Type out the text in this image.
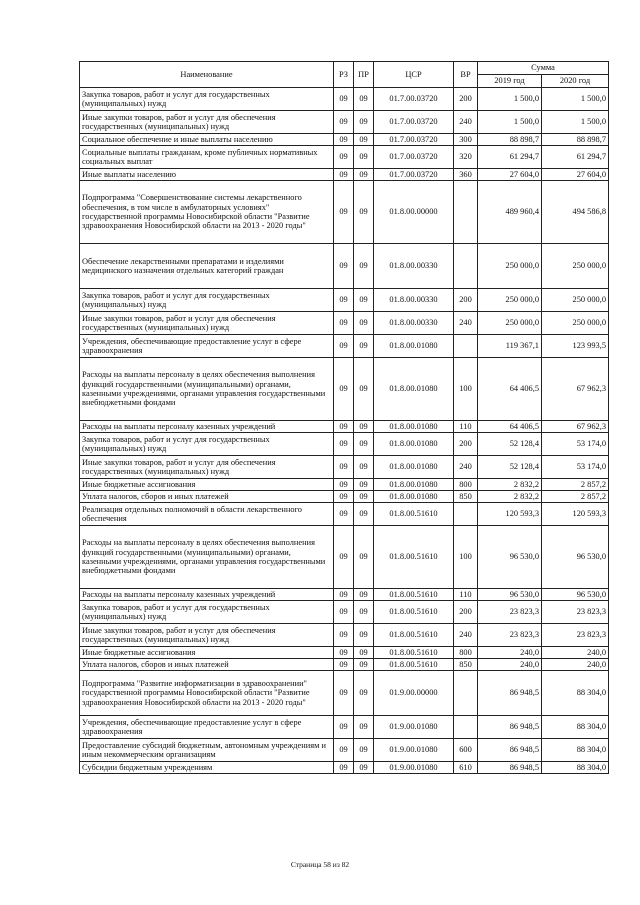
Наименование	РЗ	ПР	ЦСР	ВР	Сумма	
					2019 год	2020 год
Закупка товаров, работ и услуг для государственных (муниципальных) нужд	09	09	01.7.00.03720	200	1 500,0	1 500,0
Иные закупки товаров, работ и услуг для обеспечения государственных (муниципальных) нужд	09	09	01.7.00.03720	240	1 500,0	1 500,0
Социальное обеспечение и иные выплаты населению	09	09	01.7.00.03720	300	88 898,7	88 898,7
Социальные выплаты гражданам, кроме публичных нормативных социальных выплат	09	09	01.7.00.03720	320	61 294,7	61 294,7
Иные выплаты населению	09	09	01.7.00.03720	360	27 604,0	27 604,0
Подпрограмма "Совершенствование системы лекарственного обеспечения, в том числе в амбулаторных условиях" государственной программы Новосибирской области "Развитие здравоохранения Новосибирской области на 2013 - 2020 годы"	09	09	01.8.00.00000		489 960,4	494 586,8
Обеспечение лекарственными препаратами и изделиями медицинского назначения отдельных категорий граждан	09	09	01.8.00.00330		250 000,0	250 000,0
Закупка товаров, работ и услуг для государственных (муниципальных) нужд	09	09	01.8.00.00330	200	250 000,0	250 000,0
Иные закупки товаров, работ и услуг для обеспечения государственных (муниципальных) нужд	09	09	01.8.00.00330	240	250 000,0	250 000,0
Учреждения, обеспечивающие предоставление услуг в сфере здравоохранения	09	09	01.8.00.01080		119 367,1	123 993,5
Расходы на выплаты персоналу в целях обеспечения выполнения функций государственными (муниципальными) органами, казенными учреждениями, органами управления государственными внебюджетными фондами	09	09	01.8.00.01080	100	64 406,5	67 962,3
Расходы на выплаты персоналу казенных учреждений	09	09	01.8.00.01080	110	64 406,5	67 962,3
Закупка товаров, работ и услуг для государственных (муниципальных) нужд	09	09	01.8.00.01080	200	52 128,4	53 174,0
Иные закупки товаров, работ и услуг для обеспечения государственных (муниципальных) нужд	09	09	01.8.00.01080	240	52 128,4	53 174,0
Иные бюджетные ассигнования	09	09	01.8.00.01080	800	2 832,2	2 857,2
Уплата налогов, сборов и иных платежей	09	09	01.8.00.01080	850	2 832,2	2 857,2
Реализация отдельных полномочий в области лекарственного обеспечения	09	09	01.8.00.51610		120 593,3	120 593,3
Расходы на выплаты персоналу в целях обеспечения выполнения функций государственными (муниципальными) органами, казенными учреждениями, органами управления государственными внебюджетными фондами	09	09	01.8.00.51610	100	96 530,0	96 530,0
Расходы на выплаты персоналу казенных учреждений	09	09	01.8.00.51610	110	96 530,0	96 530,0
Закупка товаров, работ и услуг для государственных (муниципальных) нужд	09	09	01.8.00.51610	200	23 823,3	23 823,3
Иные закупки товаров, работ и услуг для обеспечения государственных (муниципальных) нужд	09	09	01.8.00.51610	240	23 823,3	23 823,3
Иные бюджетные ассигнования	09	09	01.8.00.51610	800	240,0	240,0
Уплата налогов, сборов и иных платежей	09	09	01.8.00.51610	850	240,0	240,0
Подпрограмма "Развитие информатизации в здравоохранении" государственной программы Новосибирской области "Развитие здравоохранения Новосибирской области на 2013 - 2020 годы"	09	09	01.9.00.00000		86 948,5	88 304,0
Учреждения, обеспечивающие предоставление услуг в сфере здравоохранения	09	09	01.9.00.01080		86 948,5	88 304,0
Предоставление субсидий бюджетным, автономным учреждениям и иным некоммерческим организациям	09	09	01.9.00.01080	600	86 948,5	88 304,0
Субсидии бюджетным учреждениям	09	09	01.9.00.01080	610	86 948,5	88 304,0
Страница 58 из 82
